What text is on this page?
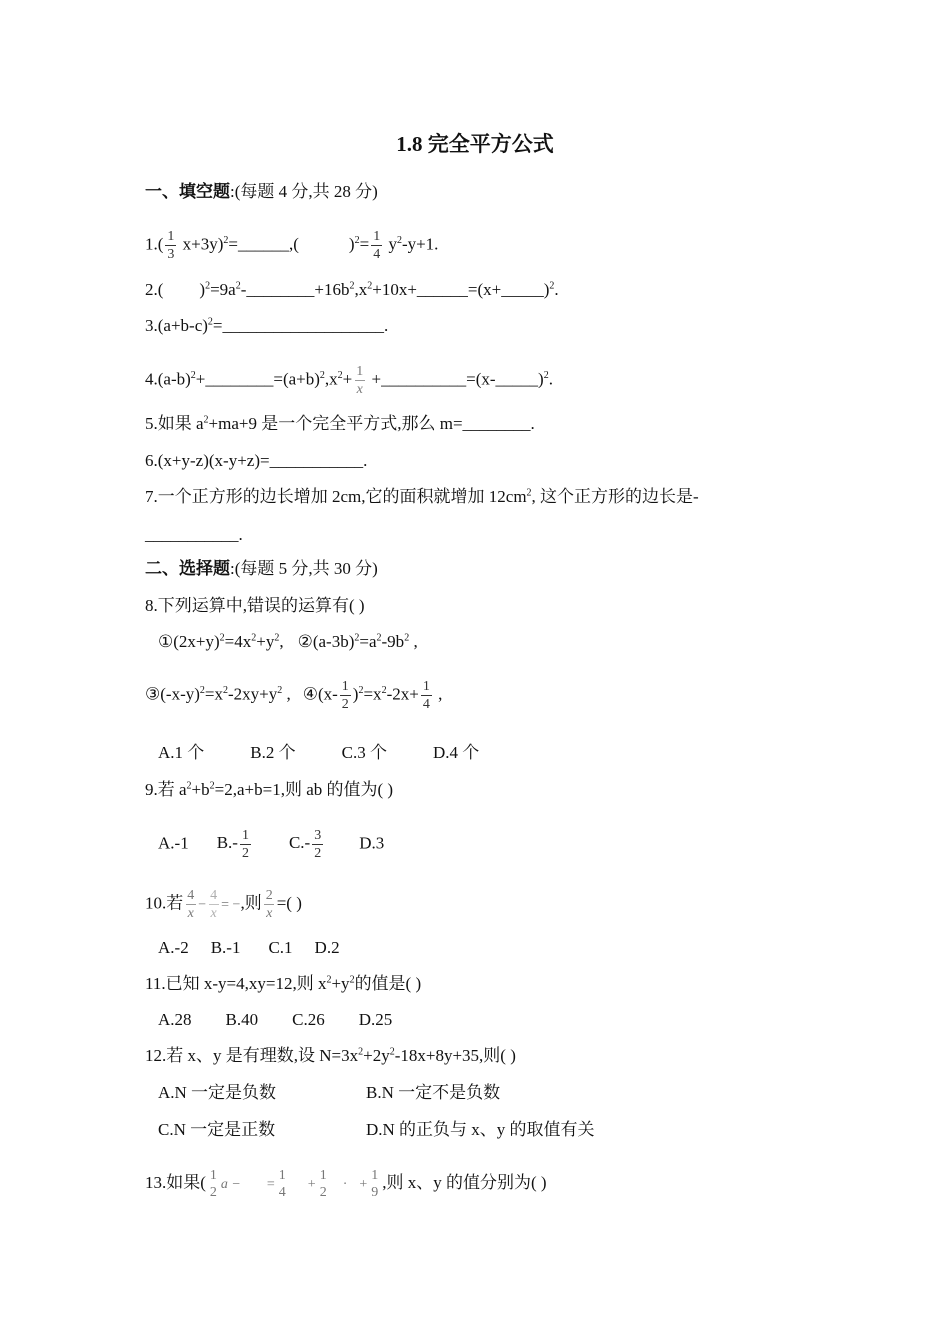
1.8 完全平方公式
一、填空题:(每题 4 分,共 28 分)
$1.( \frac{1}{3}$ $x+3y)^2=\_\_\_\_\_\_$,(	)$^2= \frac{1}{4} y^2-y+1$.
2.( )$^2=9a^2-\_\_\_\_\_\_\_\_+16b^2,x^2+10x+\_\_\_\_\_\_=(x+\_\_\_\_\_)^2$.
$3.(a+b-c)^2=\_\_\_\_\_\_\_\_\_\_\_\_\_\_\_\_\_\_\_$.
$4.(a-b)^2+\_\_\_\_\_\_\_\_=(a+b)^2,x^2+ \frac{1}{x}$ +__________=(x-_____)$^2$.
5.如果 $a^2+ma+9$ 是一个完全平方式,那么 m=________.
6.(x+y-z)(x-y+z)=___________.
7.一个正方形的边长增加 2cm,它的面积就增加 $12cm^2$, 这个正方形的边长是-
___________.
二、选择题:(每题 5 分,共 30 分)
8.下列运算中,错误的运算有( )
$①(2x+y)^2=4x^2+y^2$, $②(a-3b)^2=a^2-9b^2$ ,
$③(-x-y)^2=x^2-2xy+y^2$ , ④(x- $\frac{1}{2} )^2=x^2-2x+ \frac{1}{4}$ ,
A.1 个	B.2 个	C.3 个	D.4 个
9.若 $a^2+b^2=2,a+b=1$,则 ab 的值为( )
A.-1 $B.- \frac{1}{2} C.- \frac{3}{2} D.3$
10.若 $\frac{4}{x} - \frac{4}{x}$ = −,则 $\frac{2}{x}$ =( )
A.-2 B.-1 C.1 D.2
11.已知 x-y=4,xy=12,则 $x^2+y^2$的值是( )
A.28 B.40 C.26 D.25
12.若 x、y 是有理数,设 $N=3x^2+2y^2-18x+8y+35$,则( )
A.N 一定是负数	B.N 一定不是负数
C.N 一定是正数	D.N 的正负与 x、y 的取值有关
13.如果( 1
2
a − =
1
4
+
1
2
· +
1
9
,则 x、y 的值分别为( )
